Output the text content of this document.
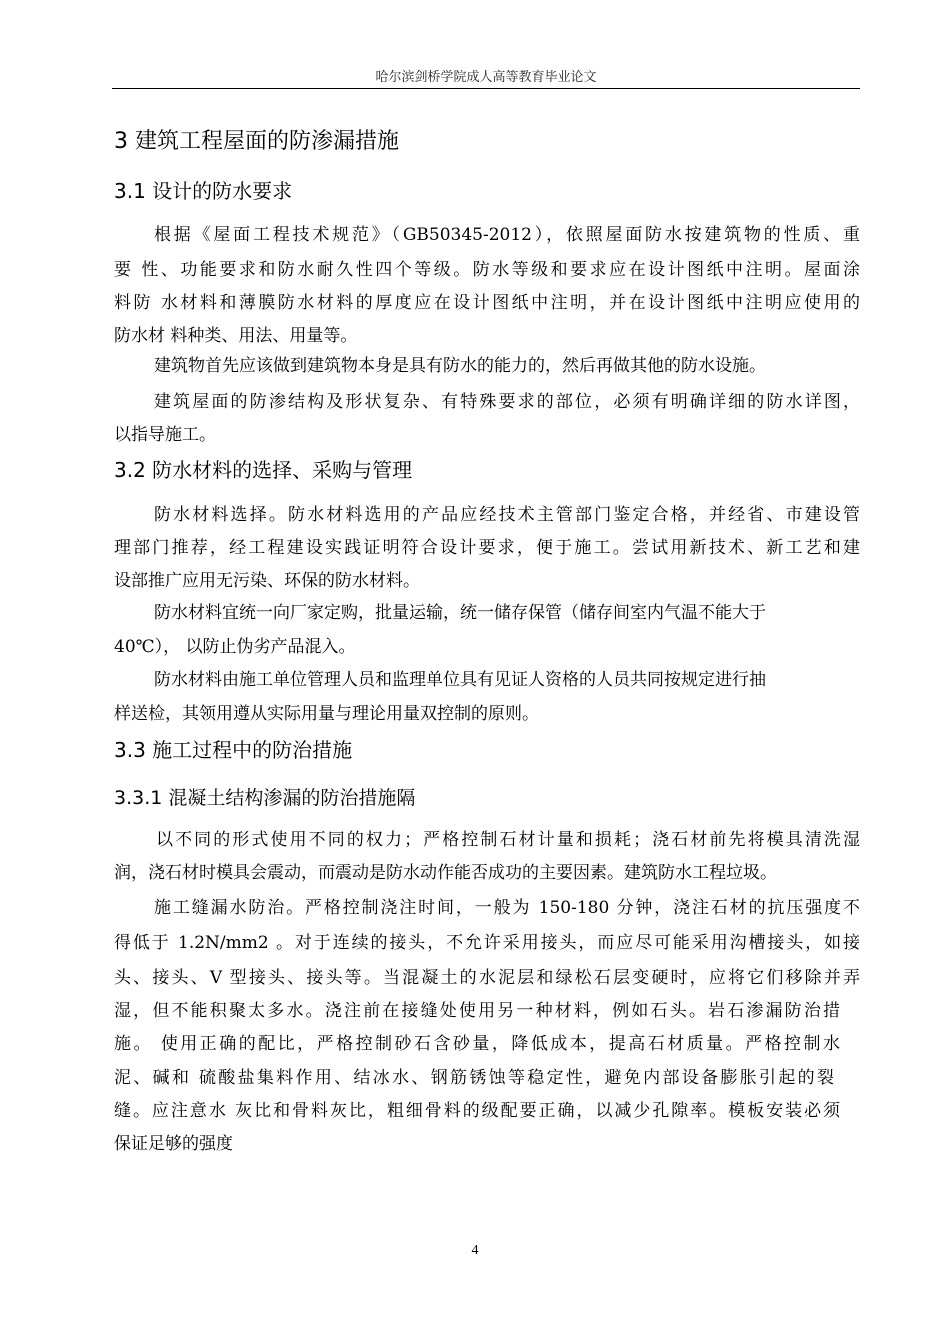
哈尔滨剑桥学院成人高等教育毕业论文
3 建筑工程屋面的防渗漏措施
3.1 设计的防水要求
根据《屋面工程技术规范》（GB50345-2012），依照屋面防水按建筑物的性质、重
要 性、功能要求和防水耐久性四个等级。防水等级和要求应在设计图纸中注明。屋面涂
料防 水材料和薄膜防水材料的厚度应在设计图纸中注明，并在设计图纸中注明应使用的
防水材 料种类、用法、用量等。
建筑物首先应该做到建筑物本身是具有防水的能力的，然后再做其他的防水设施。
建筑屋面的防渗结构及形状复杂、有特殊要求的部位，必须有明确详细的防水详图，
以指导施工。
3.2 防水材料的选择、采购与管理
防水材料选择。防水材料选用的产品应经技术主管部门鉴定合格，并经省、市建设管
理部门推荐，经工程建设实践证明符合设计要求，便于施工。尝试用新技术、新工艺和建
设部推广应用无污染、环保的防水材料。
防水材料宜统一向厂家定购，批量运输，统一储存保管（储存间室内气温不能大于
40℃）， 以防止伪劣产品混入。
防水材料由施工单位管理人员和监理单位具有见证人资格的人员共同按规定进行抽
样送检，其领用遵从实际用量与理论用量双控制的原则。
3.3 施工过程中的防治措施
3.3.1 混凝土结构渗漏的防治措施隔
以不同的形式使用不同的权力；严格控制石材计量和损耗；浇石材前先将模具清洗湿
润，浇石材时模具会震动，而震动是防水动作能否成功的主要因素。建筑防水工程垃圾。
施工缝漏水防治。严格控制浇注时间，一般为 150-180 分钟，浇注石材的抗压强度不
得低于 1.2N/mm2 。对于连续的接头，不允许采用接头，而应尽可能采用沟槽接头，如接
头、接头、V 型接头、接头等。当混凝土的水泥层和绿松石层变硬时，应将它们移除并弄
湿，但不能积聚太多水。浇注前在接缝处使用另一种材料，例如石头。岩石渗漏防治措
施。 使用正确的配比，严格控制砂石含砂量，降低成本，提高石材质量。严格控制水
泥、碱和 硫酸盐集料作用、结冰水、钢筋锈蚀等稳定性，避免内部设备膨胀引起的裂
缝。应注意水 灰比和骨料灰比，粗细骨料的级配要正确，以减少孔隙率。模板安装必须
保证足够的强度
4
